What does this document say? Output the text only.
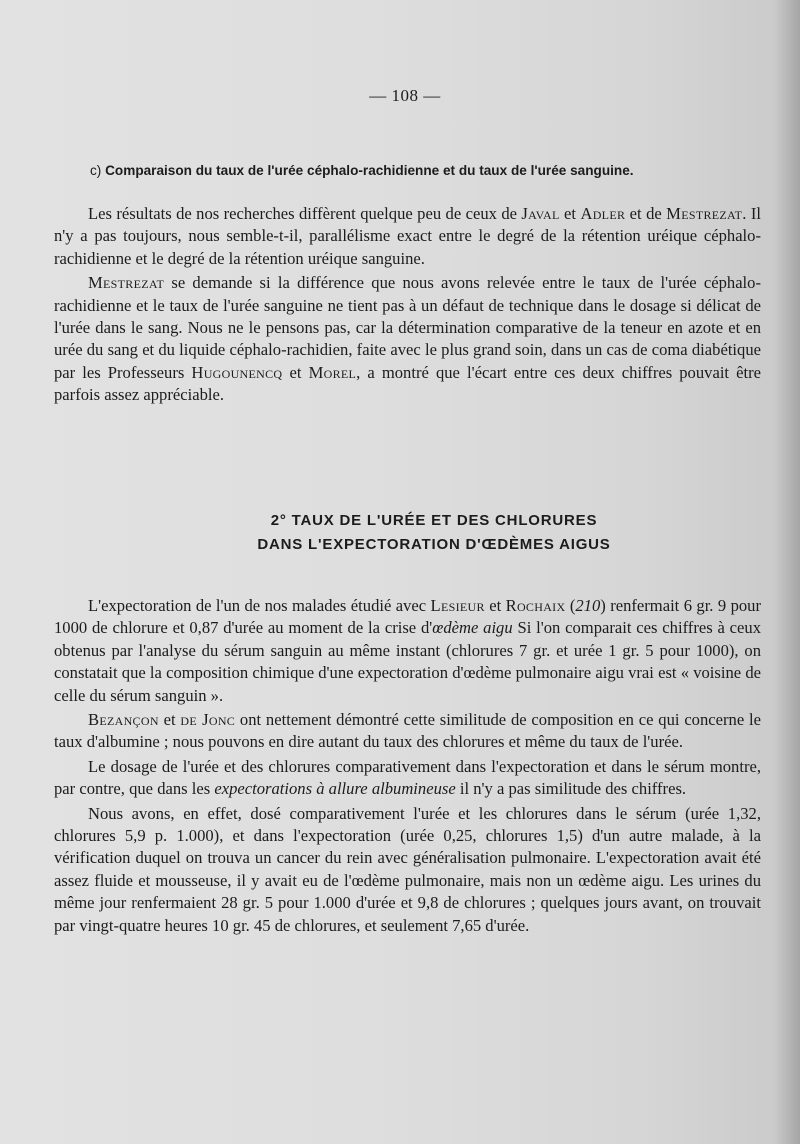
— 108 —
c) Comparaison du taux de l'urée céphalo-rachidienne et du taux de l'urée sanguine.

Les résultats de nos recherches diffèrent quelque peu de ceux de Javal et Adler et de Mestrezat. Il n'y a pas toujours, nous semble-t-il, parallélisme exact entre le degré de la rétention uréique céphalo-rachidienne et le degré de la rétention uréique sanguine.

Mestrezat se demande si la différence que nous avons relevée entre le taux de l'urée céphalo-rachidienne et le taux de l'urée sanguine ne tient pas à un défaut de technique dans le dosage si délicat de l'urée dans le sang. Nous ne le pensons pas, car la détermination comparative de la teneur en azote et en urée du sang et du liquide céphalo-rachidien, faite avec le plus grand soin, dans un cas de coma diabétique par les Professeurs Hugounencq et Morel, a montré que l'écart entre ces deux chiffres pouvait être parfois assez appréciable.

2° TAUX DE L'URÉE ET DES CHLORURES
DANS L'EXPECTORATION D'ŒDÈMES AIGUS

L'expectoration de l'un de nos malades étudié avec Lesieur et Rochaix (210) renfermait 6 gr. 9 pour 1000 de chlorure et 0,87 d'urée au moment de la crise d'œdème aigu Si l'on comparait ces chiffres à ceux obtenus par l'analyse du sérum sanguin au même instant (chlorures 7 gr. et urée 1 gr. 5 pour 1000), on constatait que la composition chimique d'une expectoration d'œdème pulmonaire aigu vrai est « voisine de celle du sérum sanguin ».

Bezançon et de Jonc ont nettement démontré cette similitude de composition en ce qui concerne le taux d'albumine ; nous pouvons en dire autant du taux des chlorures et même du taux de l'urée.

Le dosage de l'urée et des chlorures comparativement dans l'expectoration et dans le sérum montre, par contre, que dans les expectorations à allure albumineuse il n'y a pas similitude des chiffres.

Nous avons, en effet, dosé comparativement l'urée et les chlorures dans le sérum (urée 1,32, chlorures 5,9 p. 1.000), et dans l'expectoration (urée 0,25, chlorures 1,5) d'un autre malade, à la vérification duquel on trouva un cancer du rein avec généralisation pulmonaire. L'expectoration avait été assez fluide et mousseuse, il y avait eu de l'œdème pulmonaire, mais non un œdème aigu. Les urines du même jour renfermaient 28 gr. 5 pour 1.000 d'urée et 9,8 de chlorures ; quelques jours avant, on trouvait par vingt-quatre heures 10 gr. 45 de chlorures, et seulement 7,65 d'urée.
